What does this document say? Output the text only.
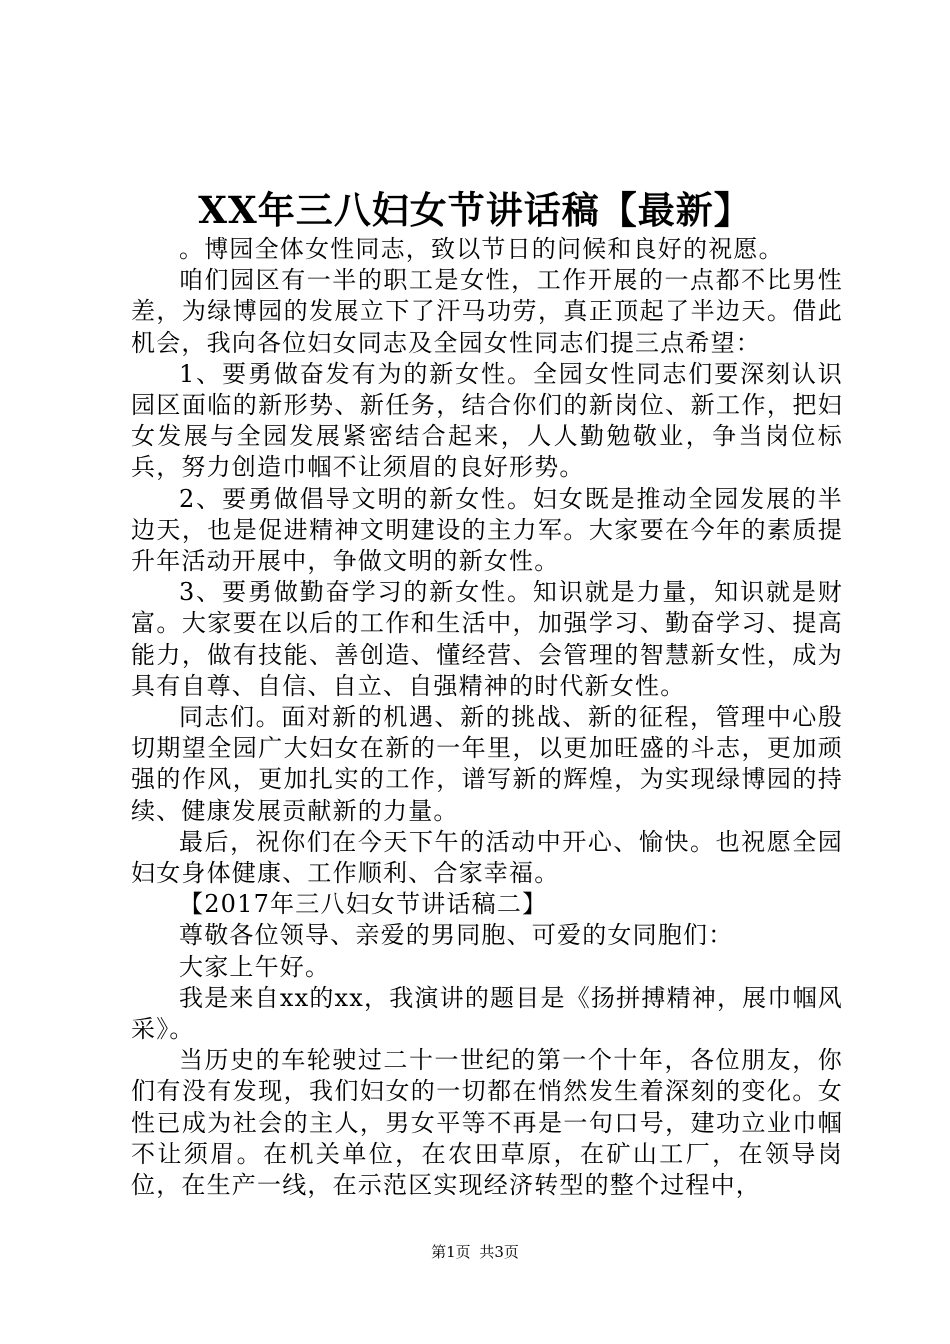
XX年三八妇女节讲话稿【最新】

。博园全体女性同志，致以节日的问候和良好的祝愿。

咱们园区有一半的职工是女性，工作开展的一点都不比男性差，为绿博园的发展立下了汗马功劳，真正顶起了半边天。借此机会，我向各位妇女同志及全园女性同志们提三点希望：

1、要勇做奋发有为的新女性。全园女性同志们要深刻认识园区面临的新形势、新任务，结合你们的新岗位、新工作，把妇女发展与全园发展紧密结合起来，人人勤勉敬业，争当岗位标兵，努力创造巾帼不让须眉的良好形势。

2、要勇做倡导文明的新女性。妇女既是推动全园发展的半边天，也是促进精神文明建设的主力军。大家要在今年的素质提升年活动开展中，争做文明的新女性。

3、要勇做勤奋学习的新女性。知识就是力量，知识就是财富。大家要在以后的工作和生活中，加强学习、勤奋学习、提高能力，做有技能、善创造、懂经营、会管理的智慧新女性，成为具有自尊、自信、自立、自强精神的时代新女性。

同志们。面对新的机遇、新的挑战、新的征程，管理中心殷切期望全园广大妇女在新的一年里，以更加旺盛的斗志，更加顽强的作风，更加扎实的工作，谱写新的辉煌，为实现绿博园的持续、健康发展贡献新的力量。

最后，祝你们在今天下午的活动中开心、愉快。也祝愿全园妇女身体健康、工作顺利、合家幸福。

【2017年三八妇女节讲话稿二】

尊敬各位领导、亲爱的男同胞、可爱的女同胞们：

大家上午好。

我是来自xx的xx，我演讲的题目是《扬拼搏精神，展巾帼风采》。

当历史的车轮驶过二十一世纪的第一个十年，各位朋友，你们有没有发现，我们妇女的一切都在悄然发生着深刻的变化。女性已成为社会的主人，男女平等不再是一句口号，建功立业巾帼不让须眉。在机关单位，在农田草原，在矿山工厂，在领导岗位，在生产一线，在示范区实现经济转型的整个过程中，

第1页 共3页
